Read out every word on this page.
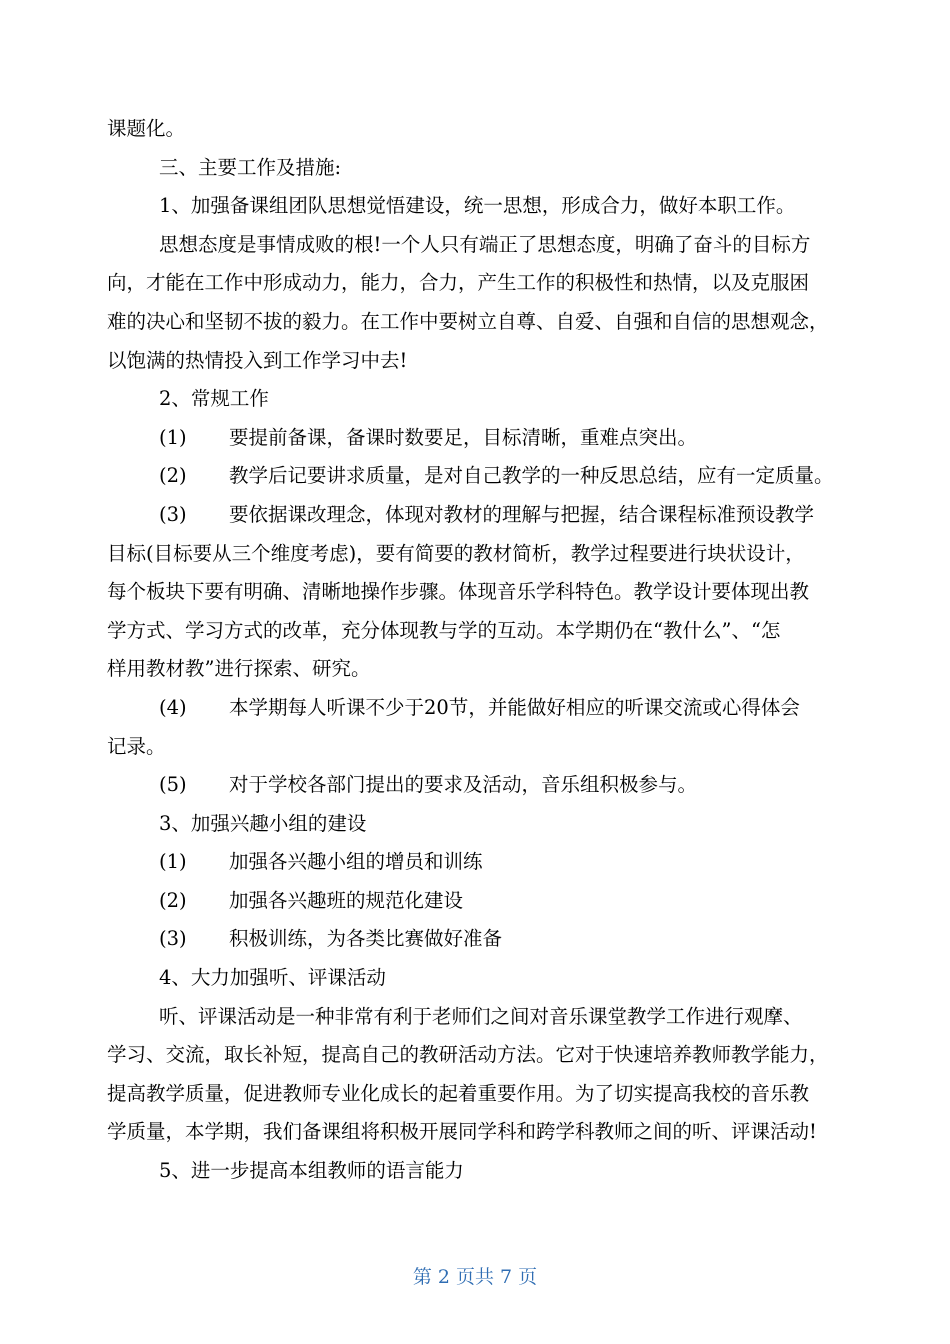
课题化。

三、主要工作及措施:

1、加强备课组团队思想觉悟建设，统一思想，形成合力，做好本职工作。

思想态度是事情成败的根!一个人只有端正了思想态度，明确了奋斗的目标方
向，才能在工作中形成动力，能力，合力，产生工作的积极性和热情，以及克服困
难的决心和坚韧不拔的毅力。在工作中要树立自尊、自爱、自强和自信的思想观念，
以饱满的热情投入到工作学习中去!

2、常规工作

(1) 要提前备课，备课时数要足，目标清晰，重难点突出。

(2) 教学后记要讲求质量，是对自己教学的一种反思总结，应有一定质量。

(3) 要依据课改理念，体现对教材的理解与把握，结合课程标准预设教学

目标(目标要从三个维度考虑)，要有简要的教材简析，教学过程要进行块状设计，
每个板块下要有明确、清晰地操作步骤。体现音乐学科特色。教学设计要体现出教
学方式、学习方式的改革，充分体现教与学的互动。本学期仍在“教什么”、“怎
样用教材教”进行探索、研究。

(4) 本学期每人听课不少于20节，并能做好相应的听课交流或心得体会

记录。

(5) 对于学校各部门提出的要求及活动，音乐组积极参与。

3、加强兴趣小组的建设

(1) 加强各兴趣小组的增员和训练

(2) 加强各兴趣班的规范化建设

(3) 积极训练，为各类比赛做好准备

4、大力加强听、评课活动

听、评课活动是一种非常有利于老师们之间对音乐课堂教学工作进行观摩、
学习、交流，取长补短，提高自己的教研活动方法。它对于快速培养教师教学能力，
提高教学质量，促进教师专业化成长的起着重要作用。为了切实提高我校的音乐教
学质量，本学期，我们备课组将积极开展同学科和跨学科教师之间的听、评课活动!

5、进一步提高本组教师的语言能力

第 2 页共 7 页
